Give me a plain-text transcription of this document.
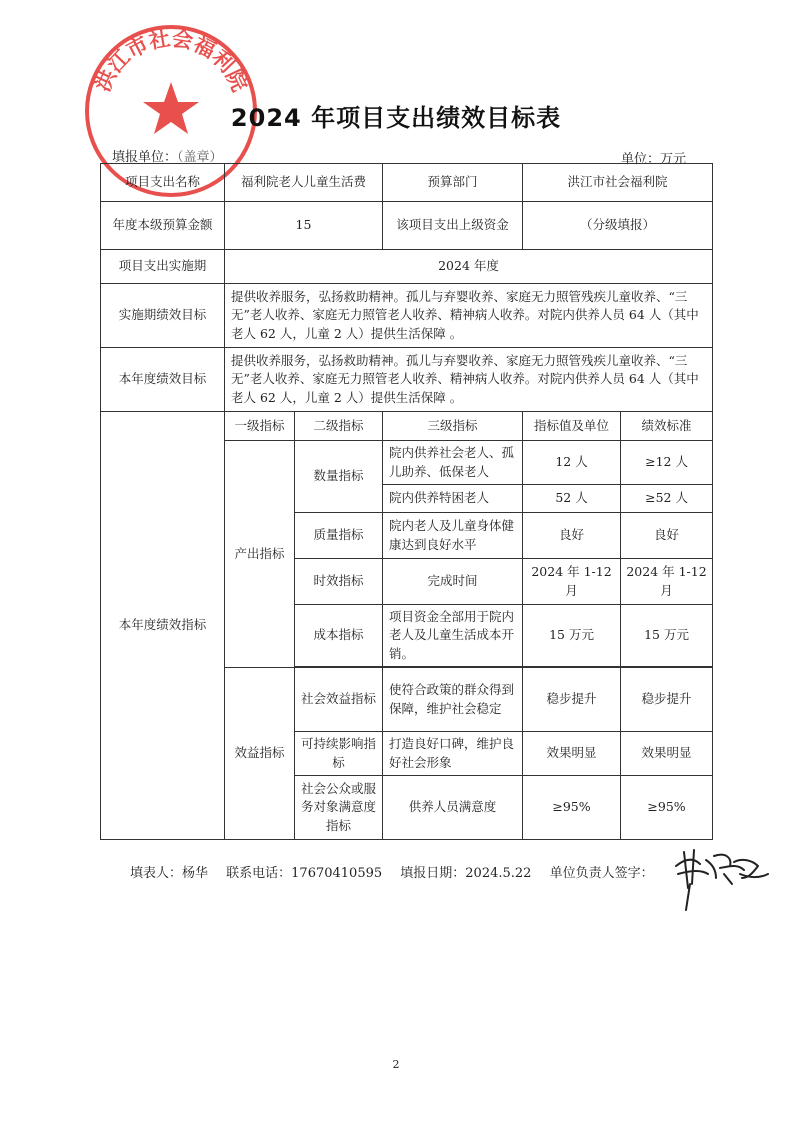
洪江市社会福利院
2024 年项目支出绩效目标表
填报单位：（盖章）	单位：万元
项目支出名称	福利院老人儿童生活费		预算部门	洪江市社会福利院	
年度本级预算金额	15		该项目支出上级资金	（分级填报）	
项目支出实施期	2024 年度				
实施期绩效目标	提供收养服务，弘扬救助精神。孤儿与弃婴收养、家庭无力照管残疾儿童收养、“三无”老人收养、家庭无力照管老人收养、精神病人收养。对院内供养人员 64 人（其中老人 62 人，儿童 2 人）提供生活保障 。				
本年度绩效目标	提供收养服务，弘扬救助精神。孤儿与弃婴收养、家庭无力照管残疾儿童收养、“三无”老人收养、家庭无力照管老人收养、精神病人收养。对院内供养人员 64 人（其中老人 62 人，儿童 2 人）提供生活保障 。				
本年度绩效指标	一级指标	二级指标	三级指标	指标值及单位	绩效标准
	产出指标	数量指标	院内供养社会老人、孤儿助养、低保老人	12 人	≥12 人
			院内供养特困老人	52 人	≥52 人
		质量指标	院内老人及儿童身体健康达到良好水平	良好	良好
		时效指标	完成时间	2024 年 1-12 月	2024 年 1-12 月
		成本指标	项目资金全部用于院内老人及儿童生活成本开销。	15 万元	15 万元

	效益指标	社会效益指标	使符合政策的群众得到保障，维护社会稳定	稳步提升	稳步提升
		可持续影响指标	打造良好口碑，维护良好社会形象	效果明显	效果明显
		社会公众或服务对象满意度指标	供养人员满意度	≥95%	≥95%
填表人：杨华 联系电话：17670410595 填报日期：2024.5.22 单位负责人签字：
2
